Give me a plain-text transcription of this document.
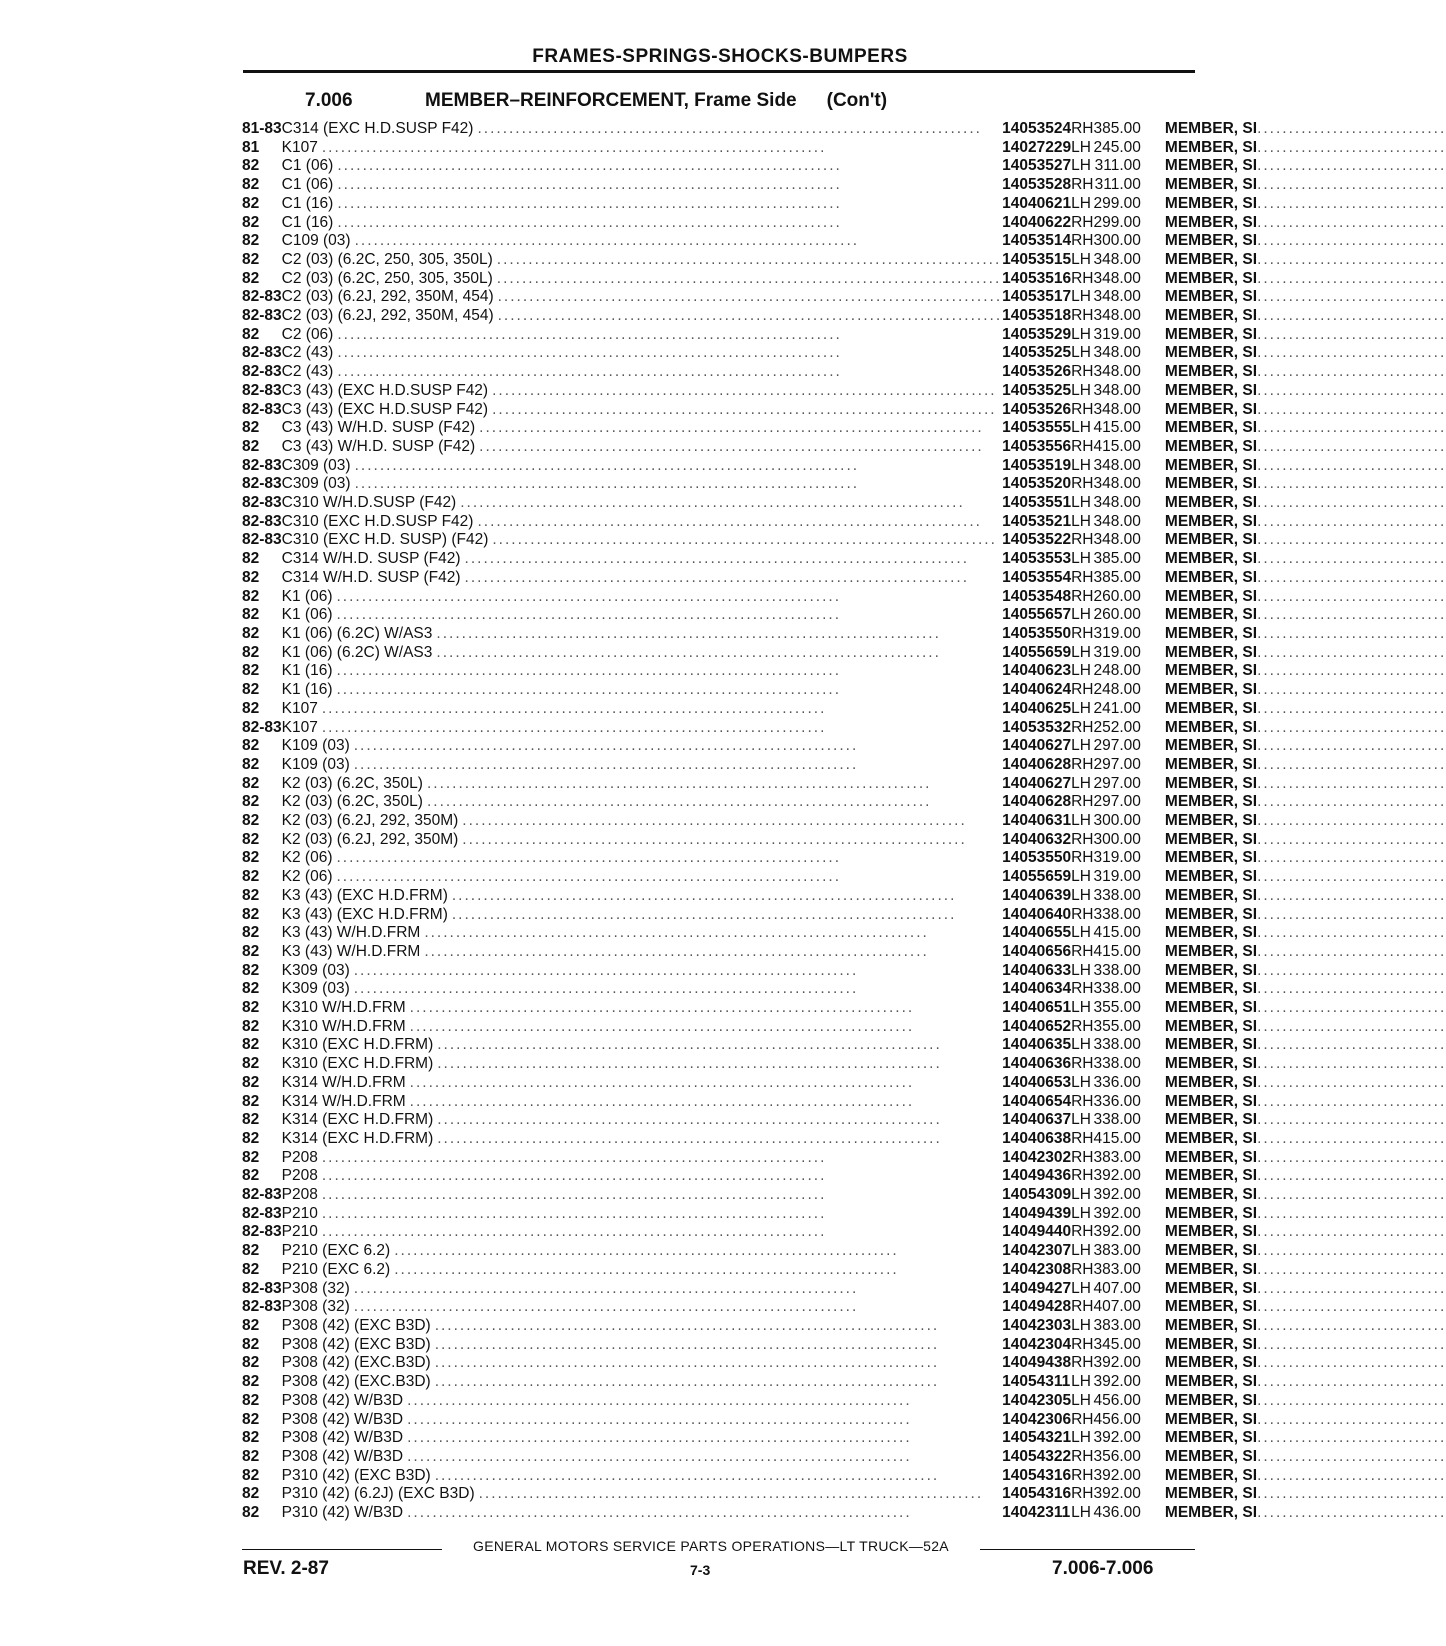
FRAMES-SPRINGS-SHOCKS-BUMPERS
7.006	MEMBER–REINFORCEMENT, Frame Side (Con't)
81-83	C314 (EXC H.D.SUSP F42) ................................................................................	14053524	RH	385.00	MEMBER, SI	..............................
81	K107 ................................................................................	14027229	LH	245.00	MEMBER, SI	..............................
82	C1 (06) ................................................................................	14053527	LH	311.00	MEMBER, SI	..............................
82	C1 (06) ................................................................................	14053528	RH	311.00	MEMBER, SI	..............................
82	C1 (16) ................................................................................	14040621	LH	299.00	MEMBER, SI	..............................
82	C1 (16) ................................................................................	14040622	RH	299.00	MEMBER, SI	..............................
82	C109 (03) ................................................................................	14053514	RH	300.00	MEMBER, SI	..............................
82	C2 (03) (6.2C, 250, 305, 350L) ................................................................................	14053515	LH	348.00	MEMBER, SI	..............................
82	C2 (03) (6.2C, 250, 305, 350L) ................................................................................	14053516	RH	348.00	MEMBER, SI	..............................
82-83	C2 (03) (6.2J, 292, 350M, 454) ................................................................................	14053517	LH	348.00	MEMBER, SI	..............................
82-83	C2 (03) (6.2J, 292, 350M, 454) ................................................................................	14053518	RH	348.00	MEMBER, SI	..............................
82	C2 (06) ................................................................................	14053529	LH	319.00	MEMBER, SI	..............................
82-83	C2 (43) ................................................................................	14053525	LH	348.00	MEMBER, SI	..............................
82-83	C2 (43) ................................................................................	14053526	RH	348.00	MEMBER, SI	..............................
82-83	C3 (43) (EXC H.D.SUSP F42) ................................................................................	14053525	LH	348.00	MEMBER, SI	..............................
82-83	C3 (43) (EXC H.D.SUSP F42) ................................................................................	14053526	RH	348.00	MEMBER, SI	..............................
82	C3 (43) W/H.D. SUSP (F42) ................................................................................	14053555	LH	415.00	MEMBER, SI	..............................
82	C3 (43) W/H.D. SUSP (F42) ................................................................................	14053556	RH	415.00	MEMBER, SI	..............................
82-83	C309 (03) ................................................................................	14053519	LH	348.00	MEMBER, SI	..............................
82-83	C309 (03) ................................................................................	14053520	RH	348.00	MEMBER, SI	..............................
82-83	C310 W/H.D.SUSP (F42) ................................................................................	14053551	LH	348.00	MEMBER, SI	..............................
82-83	C310 (EXC H.D.SUSP F42) ................................................................................	14053521	LH	348.00	MEMBER, SI	..............................
82-83	C310 (EXC H.D. SUSP) (F42) ................................................................................	14053522	RH	348.00	MEMBER, SI	..............................
82	C314 W/H.D. SUSP (F42) ................................................................................	14053553	LH	385.00	MEMBER, SI	..............................
82	C314 W/H.D. SUSP (F42) ................................................................................	14053554	RH	385.00	MEMBER, SI	..............................
82	K1 (06) ................................................................................	14053548	RH	260.00	MEMBER, SI	..............................
82	K1 (06) ................................................................................	14055657	LH	260.00	MEMBER, SI	..............................
82	K1 (06) (6.2C) W/AS3 ................................................................................	14053550	RH	319.00	MEMBER, SI	..............................
82	K1 (06) (6.2C) W/AS3 ................................................................................	14055659	LH	319.00	MEMBER, SI	..............................
82	K1 (16) ................................................................................	14040623	LH	248.00	MEMBER, SI	..............................
82	K1 (16) ................................................................................	14040624	RH	248.00	MEMBER, SI	..............................
82	K107 ................................................................................	14040625	LH	241.00	MEMBER, SI	..............................
82-83	K107 ................................................................................	14053532	RH	252.00	MEMBER, SI	..............................
82	K109 (03) ................................................................................	14040627	LH	297.00	MEMBER, SI	..............................
82	K109 (03) ................................................................................	14040628	RH	297.00	MEMBER, SI	..............................
82	K2 (03) (6.2C, 350L) ................................................................................	14040627	LH	297.00	MEMBER, SI	..............................
82	K2 (03) (6.2C, 350L) ................................................................................	14040628	RH	297.00	MEMBER, SI	..............................
82	K2 (03) (6.2J, 292, 350M) ................................................................................	14040631	LH	300.00	MEMBER, SI	..............................
82	K2 (03) (6.2J, 292, 350M) ................................................................................	14040632	RH	300.00	MEMBER, SI	..............................
82	K2 (06) ................................................................................	14053550	RH	319.00	MEMBER, SI	..............................
82	K2 (06) ................................................................................	14055659	LH	319.00	MEMBER, SI	..............................
82	K3 (43) (EXC H.D.FRM) ................................................................................	14040639	LH	338.00	MEMBER, SI	..............................
82	K3 (43) (EXC H.D.FRM) ................................................................................	14040640	RH	338.00	MEMBER, SI	..............................
82	K3 (43) W/H.D.FRM ................................................................................	14040655	LH	415.00	MEMBER, SI	..............................
82	K3 (43) W/H.D.FRM ................................................................................	14040656	RH	415.00	MEMBER, SI	..............................
82	K309 (03) ................................................................................	14040633	LH	338.00	MEMBER, SI	..............................
82	K309 (03) ................................................................................	14040634	RH	338.00	MEMBER, SI	..............................
82	K310 W/H.D.FRM ................................................................................	14040651	LH	355.00	MEMBER, SI	..............................
82	K310 W/H.D.FRM ................................................................................	14040652	RH	355.00	MEMBER, SI	..............................
82	K310 (EXC H.D.FRM) ................................................................................	14040635	LH	338.00	MEMBER, SI	..............................
82	K310 (EXC H.D.FRM) ................................................................................	14040636	RH	338.00	MEMBER, SI	..............................
82	K314 W/H.D.FRM ................................................................................	14040653	LH	336.00	MEMBER, SI	..............................
82	K314 W/H.D.FRM ................................................................................	14040654	RH	336.00	MEMBER, SI	..............................
82	K314 (EXC H.D.FRM) ................................................................................	14040637	LH	338.00	MEMBER, SI	..............................
82	K314 (EXC H.D.FRM) ................................................................................	14040638	RH	415.00	MEMBER, SI	..............................
82	P208 ................................................................................	14042302	RH	383.00	MEMBER, SI	..............................
82	P208 ................................................................................	14049436	RH	392.00	MEMBER, SI	..............................
82-83	P208 ................................................................................	14054309	LH	392.00	MEMBER, SI	..............................
82-83	P210 ................................................................................	14049439	LH	392.00	MEMBER, SI	..............................
82-83	P210 ................................................................................	14049440	RH	392.00	MEMBER, SI	..............................
82	P210 (EXC 6.2) ................................................................................	14042307	LH	383.00	MEMBER, SI	..............................
82	P210 (EXC 6.2) ................................................................................	14042308	RH	383.00	MEMBER, SI	..............................
82-83	P308 (32) ................................................................................	14049427	LH	407.00	MEMBER, SI	..............................
82-83	P308 (32) ................................................................................	14049428	RH	407.00	MEMBER, SI	..............................
82	P308 (42) (EXC B3D) ................................................................................	14042303	LH	383.00	MEMBER, SI	..............................
82	P308 (42) (EXC B3D) ................................................................................	14042304	RH	345.00	MEMBER, SI	..............................
82	P308 (42) (EXC.B3D) ................................................................................	14049438	RH	392.00	MEMBER, SI	..............................
82	P308 (42) (EXC.B3D) ................................................................................	14054311	LH	392.00	MEMBER, SI	..............................
82	P308 (42) W/B3D ................................................................................	14042305	LH	456.00	MEMBER, SI	..............................
82	P308 (42) W/B3D ................................................................................	14042306	RH	456.00	MEMBER, SI	..............................
82	P308 (42) W/B3D ................................................................................	14054321	LH	392.00	MEMBER, SI	..............................
82	P308 (42) W/B3D ................................................................................	14054322	RH	356.00	MEMBER, SI	..............................
82	P310 (42) (EXC B3D) ................................................................................	14054316	RH	392.00	MEMBER, SI	..............................
82	P310 (42) (6.2J) (EXC B3D) ................................................................................	14054316	RH	392.00	MEMBER, SI	..............................
82	P310 (42) W/B3D ................................................................................	14042311	LH	436.00	MEMBER, SI	..............................
GENERAL MOTORS SERVICE PARTS OPERATIONS—LT TRUCK—52A
REV. 2-87	7-3	7.006-7.006
